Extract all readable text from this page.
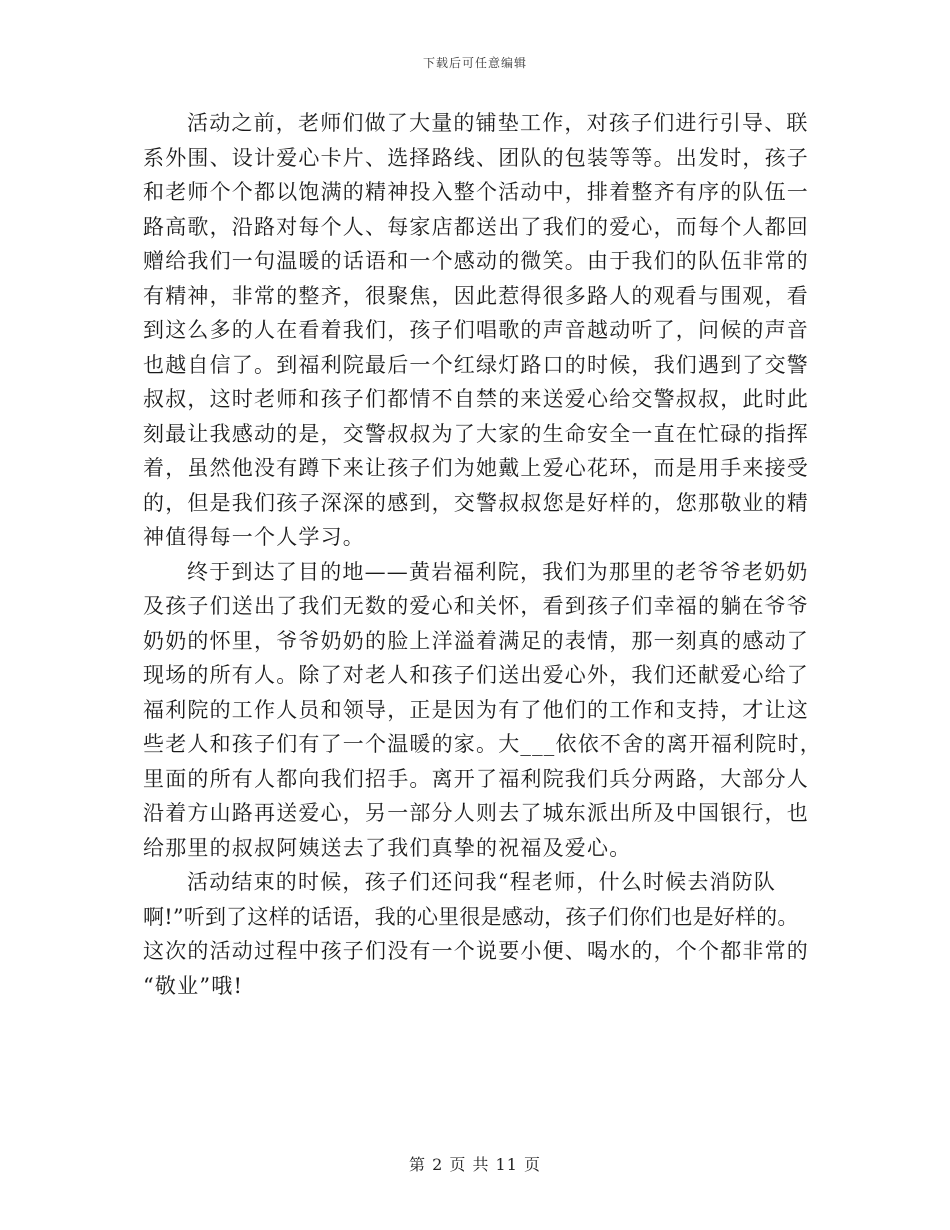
下载后可任意编辑
活动之前，老师们做了大量的铺垫工作，对孩子们进行引导、联
系外围、设计爱心卡片、选择路线、团队的包装等等。出发时，孩子
和老师个个都以饱满的精神投入整个活动中，排着整齐有序的队伍一
路高歌，沿路对每个人、每家店都送出了我们的爱心，而每个人都回
赠给我们一句温暖的话语和一个感动的微笑。由于我们的队伍非常的
有精神，非常的整齐，很聚焦，因此惹得很多路人的观看与围观，看
到这么多的人在看着我们，孩子们唱歌的声音越动听了，问候的声音
也越自信了。到福利院最后一个红绿灯路口的时候，我们遇到了交警
叔叔，这时老师和孩子们都情不自禁的来送爱心给交警叔叔，此时此
刻最让我感动的是，交警叔叔为了大家的生命安全一直在忙碌的指挥
着，虽然他没有蹲下来让孩子们为她戴上爱心花环，而是用手来接受
的，但是我们孩子深深的感到，交警叔叔您是好样的，您那敬业的精
神值得每一个人学习。
终于到达了目的地——黄岩福利院，我们为那里的老爷爷老奶奶
及孩子们送出了我们无数的爱心和关怀，看到孩子们幸福的躺在爷爷
奶奶的怀里，爷爷奶奶的脸上洋溢着满足的表情，那一刻真的感动了
现场的所有人。除了对老人和孩子们送出爱心外，我们还献爱心给了
福利院的工作人员和领导，正是因为有了他们的工作和支持，才让这
些老人和孩子们有了一个温暖的家。大___依依不舍的离开福利院时，
里面的所有人都向我们招手。离开了福利院我们兵分两路，大部分人
沿着方山路再送爱心，另一部分人则去了城东派出所及中国银行，也
给那里的叔叔阿姨送去了我们真挚的祝福及爱心。
活动结束的时候，孩子们还问我“程老师，什么时候去消防队
啊!”听到了这样的话语，我的心里很是感动，孩子们你们也是好样的。
这次的活动过程中孩子们没有一个说要小便、喝水的，个个都非常的
“敬业”哦!
第 2 页 共 11 页
